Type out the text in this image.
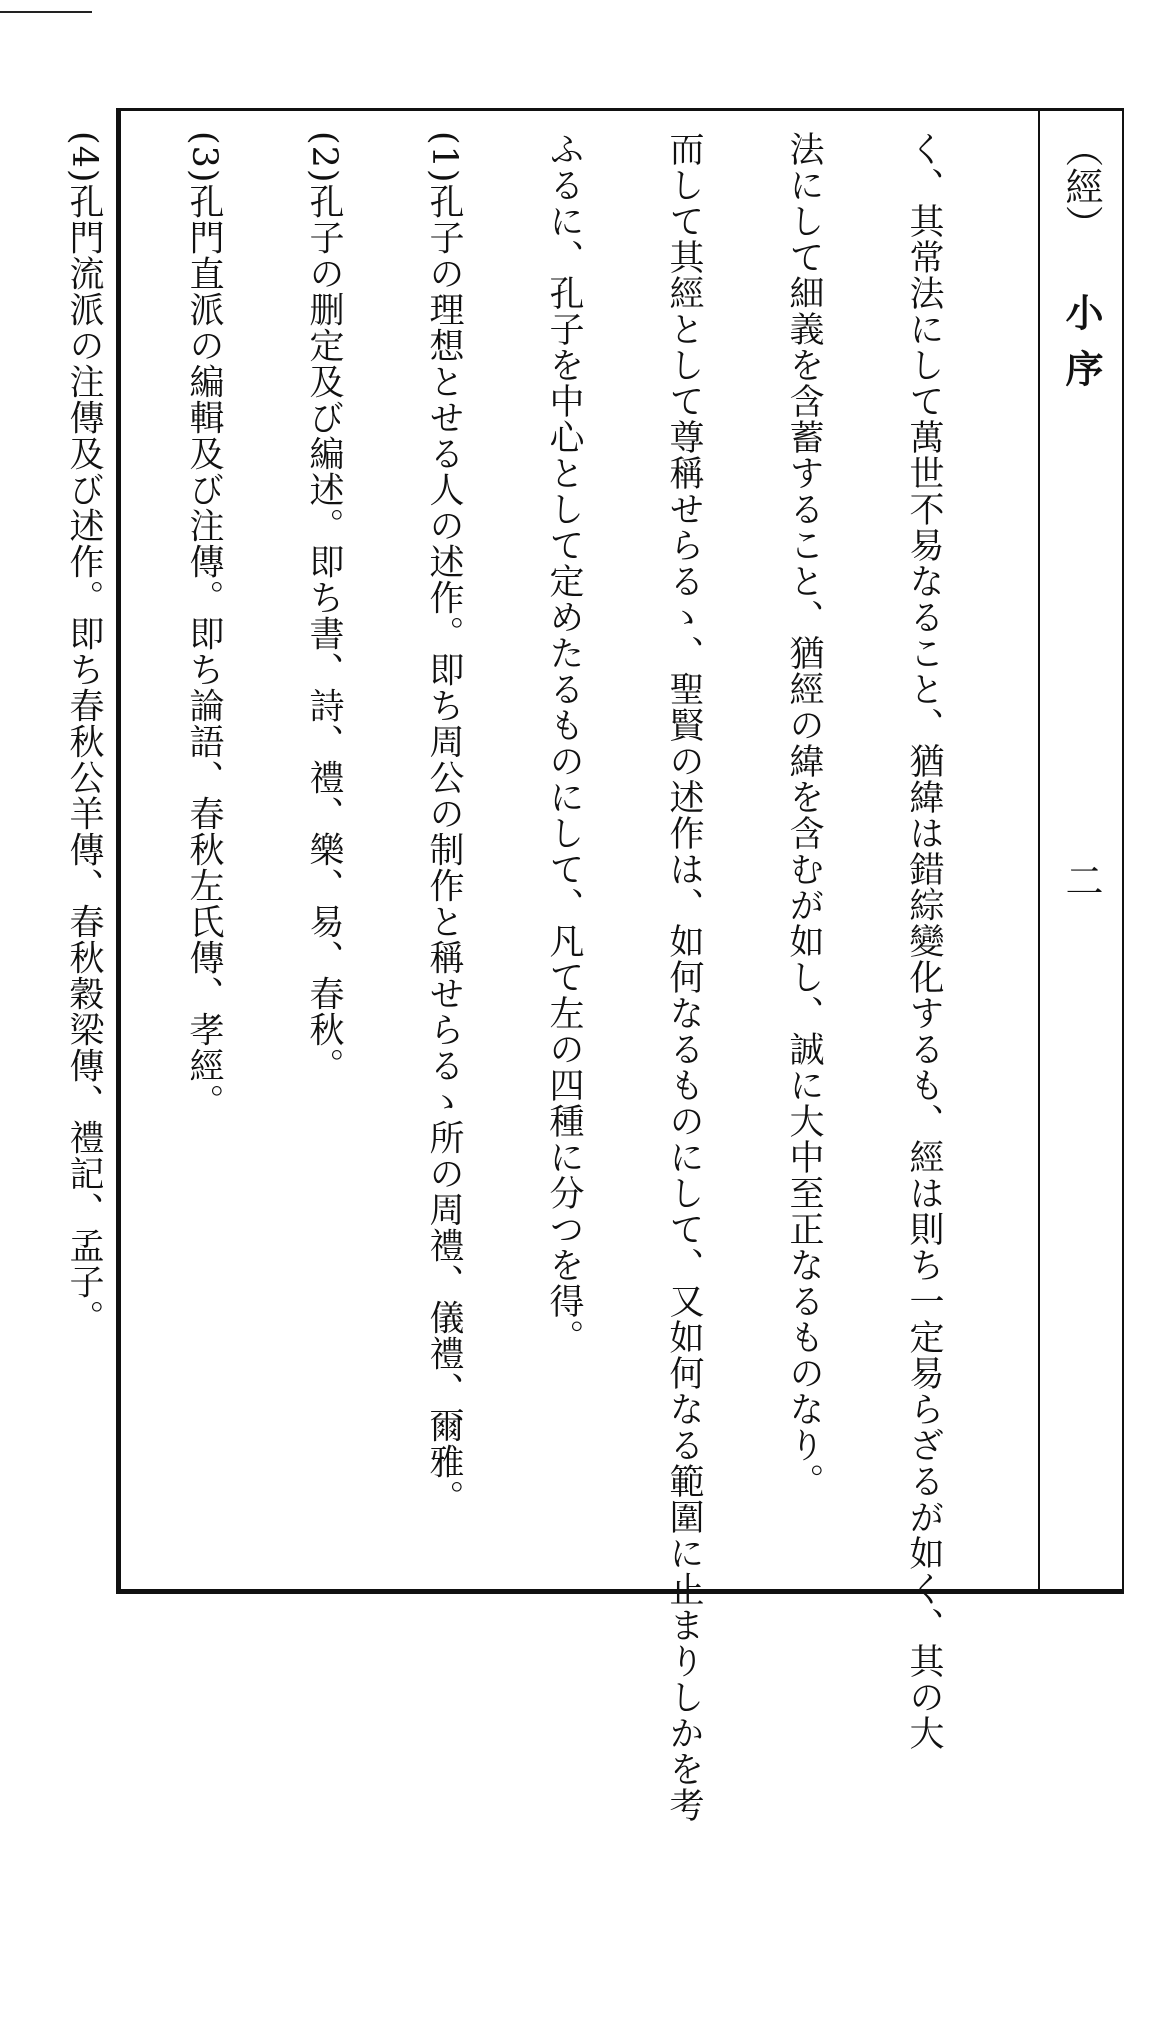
（經）小序
二

く、其常法にして萬世不易なること、猶緯は錯綜變化するも、經は則ち一定易らざるが如く、其の大

法にして細義を含蓄すること、猶經の緯を含むが如し、誠に大中至正なるものなり。

而して其經として尊稱せらるゝ、聖賢の述作は、如何なるものにして、又如何なる範圍に止まりしかを考

ふるに、孔子を中心として定めたるものにして、凡て左の四種に分つを得。

(1)孔子の理想とせる人の述作。即ち周公の制作と稱せらるゝ所の周禮、儀禮、爾雅。

(2)孔子の删定及び編述。即ち書、詩、禮、樂、易、春秋。

(3)孔門直派の編輯及び注傳。即ち論語、春秋左氏傳、孝經。

(4)孔門流派の注傳及び述作。即ち春秋公羊傳、春秋穀梁傳、禮記、孟子。
